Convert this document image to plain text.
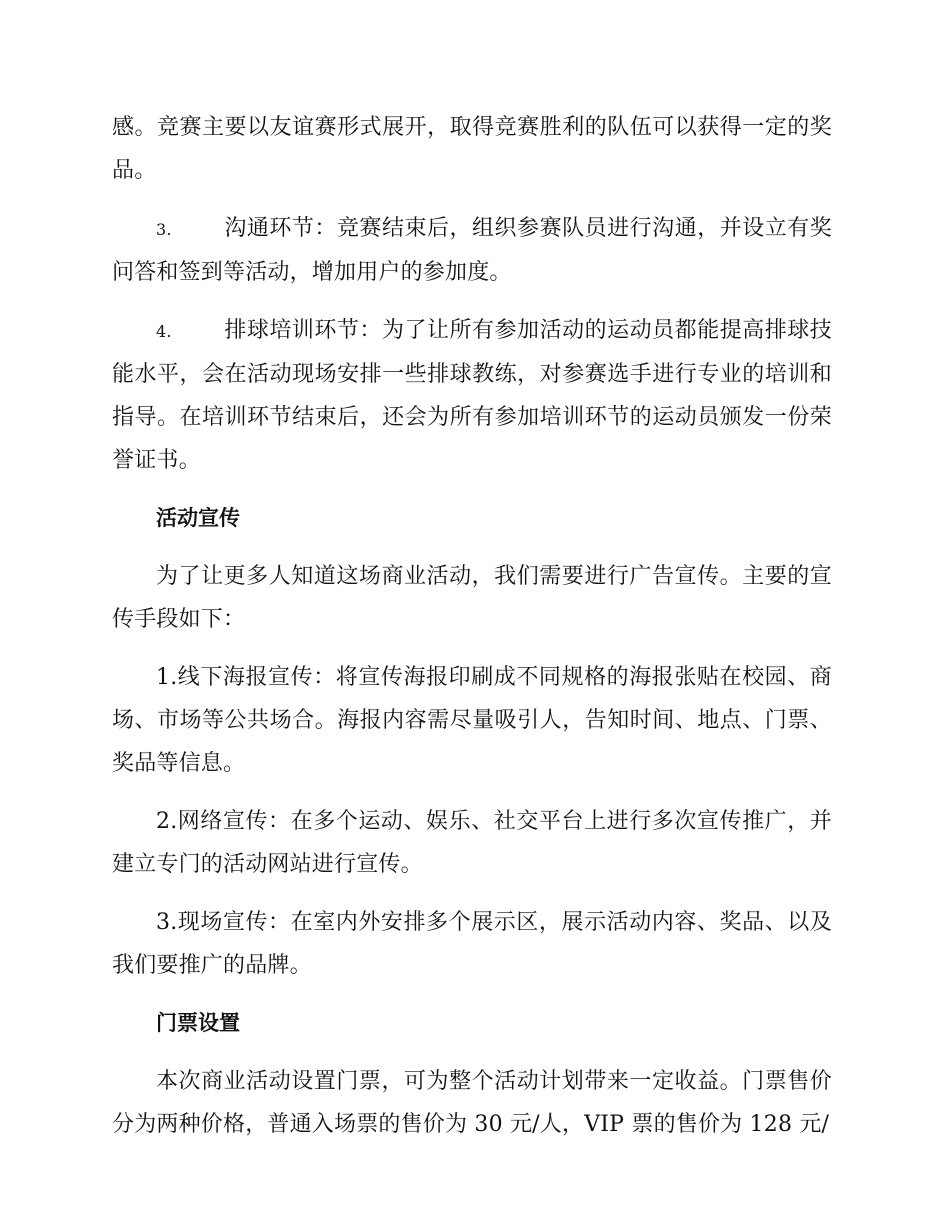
感。竞赛主要以友谊赛形式展开，取得竞赛胜利的队伍可以获得一定的奖品。

3. 沟通环节：竞赛结束后，组织参赛队员进行沟通，并设立有奖问答和签到等活动，增加用户的参加度。
4. 排球培训环节：为了让所有参加活动的运动员都能提高排球技能水平，会在活动现场安排一些排球教练，对参赛选手进行专业的培训和指导。在培训环节结束后，还会为所有参加培训环节的运动员颁发一份荣誉证书。
活动宣传

为了让更多人知道这场商业活动，我们需要进行广告宣传。主要的宣传手段如下：

1.线下海报宣传：将宣传海报印刷成不同规格的海报张贴在校园、商场、市场等公共场合。海报内容需尽量吸引人，告知时间、地点、门票、奖品等信息。

2.网络宣传：在多个运动、娱乐、社交平台上进行多次宣传推广，并建立专门的活动网站进行宣传。

3.现场宣传：在室内外安排多个展示区，展示活动内容、奖品、以及我们要推广的品牌。

门票设置

本次商业活动设置门票，可为整个活动计划带来一定收益。门票售价分为两种价格，普通入场票的售价为 30 元/人，VIP 票的售价为 128 元/
